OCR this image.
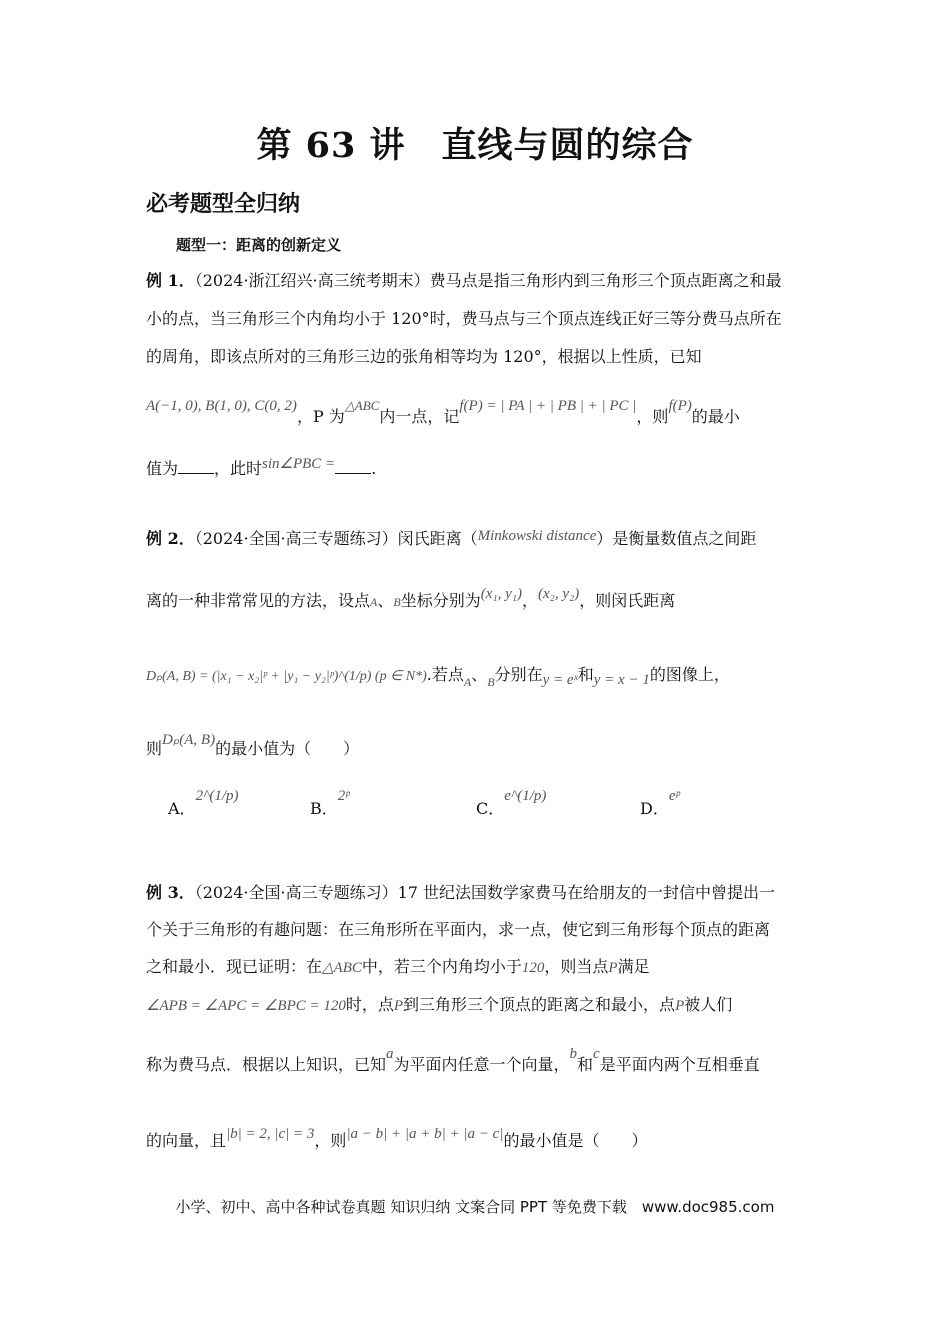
第 63 讲　直线与圆的综合
必考题型全归纳
题型一：距离的创新定义
例 1．（2024·浙江绍兴·高三统考期末）费马点是指三角形内到三角形三个顶点距离之和最
小的点，当三角形三个内角均小于 120°时，费马点与三个顶点连线正好三等分费马点所在
的周角，即该点所对的三角形三边的张角相等均为 120°，根据以上性质，已知
A(−1, 0), B(1, 0), C(0, 2)，P 为$^{\triangle ABC}$内一点，记f(P) = | PA | + | PB | + | PC |，则f(P)的最小
值为 ，此时sin∠PBC = .
例 2．（2024·全国·高三专题练习）闵氏距离（Minkowski distance）是衡量数值点之间距
离的一种非常常见的方法，设点A、B坐标分别为(x₁, y₁)，(x₂, y₂)，则闵氏距离
Dₚ(A, B) = (|x₁ − x₂|ᵖ + |y₁ − y₂|ᵖ)^(1/p) (p ∈ N*).若点$_A$、$_B$分别在y = eˣ和y = x − 1的图像上，
则Dₚ(A, B)的最小值为（　　）
A．2^(1/p)
B．2ᵖ
C．e^(1/p)
D．eᵖ
例 3．（2024·全国·高三专题练习）17 世纪法国数学家费马在给朋友的一封信中曾提出一
个关于三角形的有趣问题：在三角形所在平面内，求一点，使它到三角形每个顶点的距离
之和最小．现已证明：在△ABC中，若三个内角均小于120，则当点P满足
∠APB = ∠APC = ∠BPC = 120时，点P到三角形三个顶点的距离之和最小，点P被人们
称为费马点．根据以上知识，已知a为平面内任意一个向量，b和c是平面内两个互相垂直
的向量，且|b| = 2, |c| = 3，则|a − b| + |a + b| + |a − c|的最小值是（　　）
小学、初中、高中各种试卷真题 知识归纳 文案合同 PPT 等免费下载　www.doc985.com
